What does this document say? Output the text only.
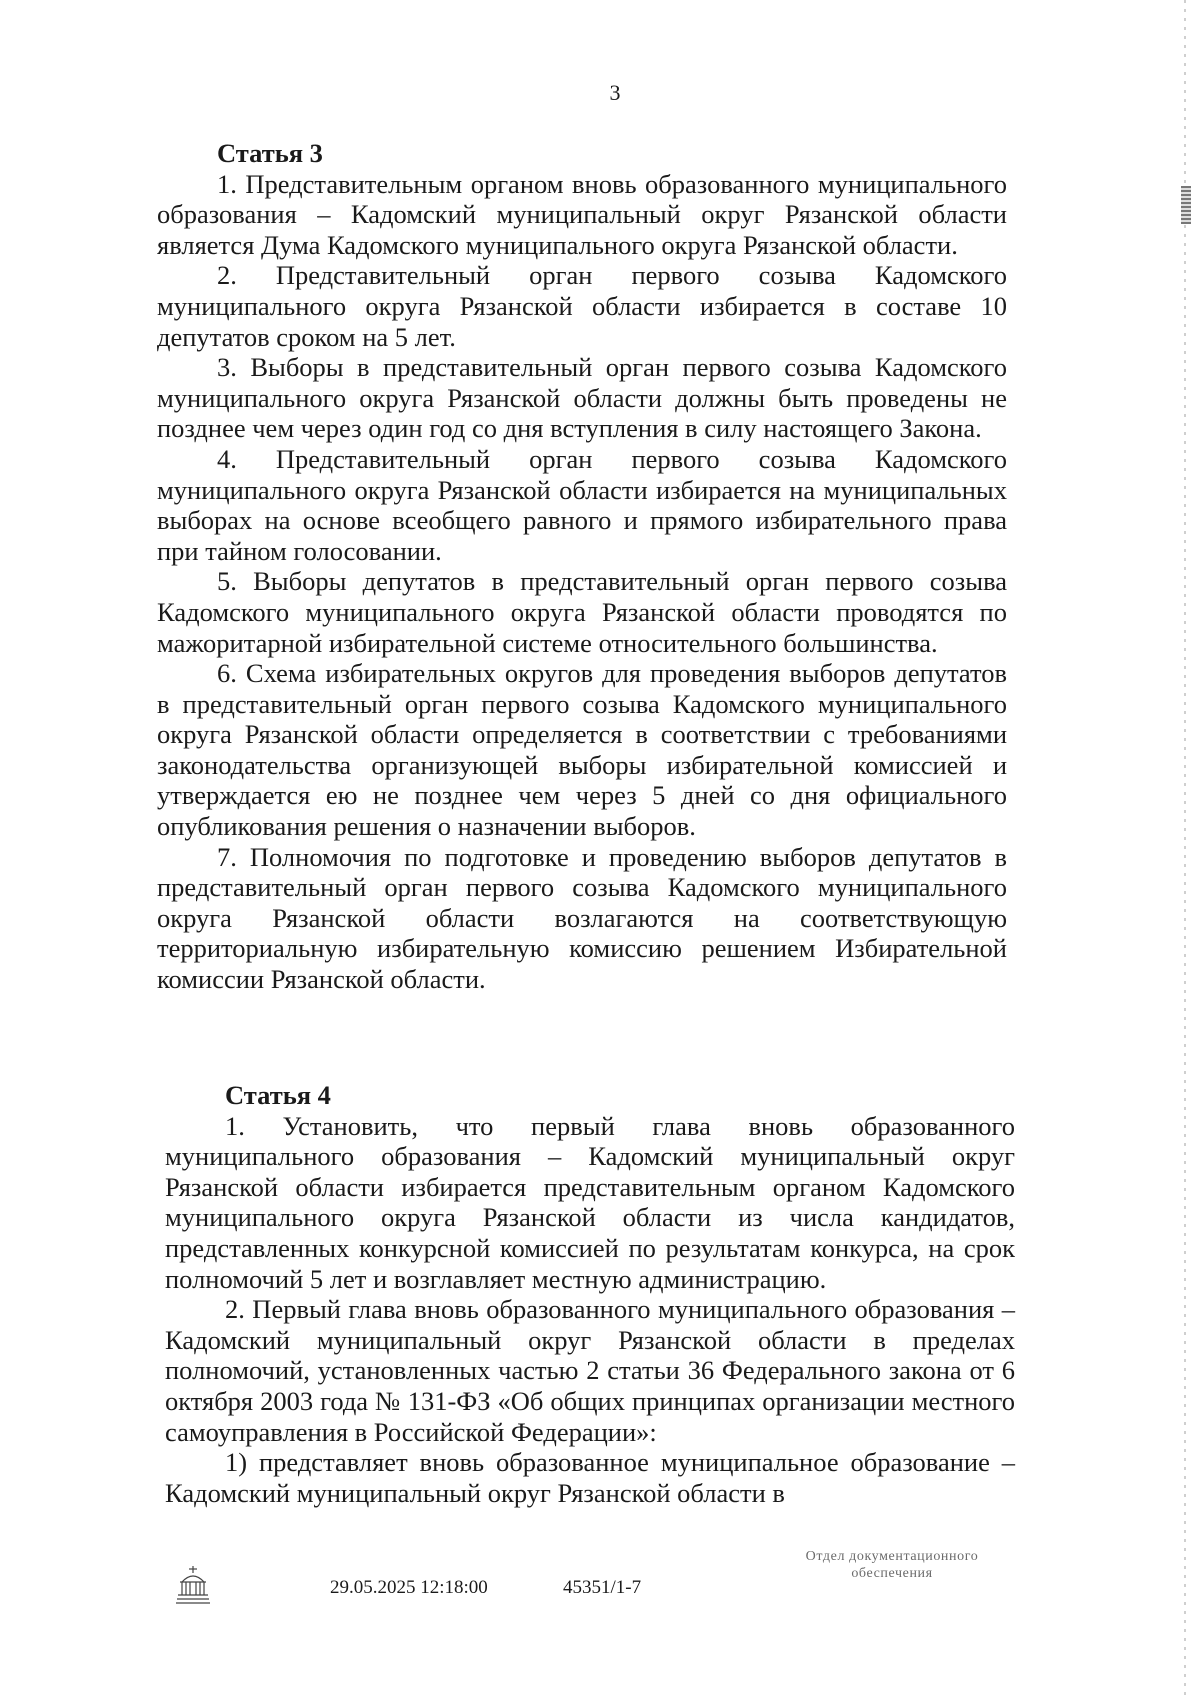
3

Статья 3

1. Представительным органом вновь образованного муниципального образования – Кадомский муниципальный округ Рязанской области является Дума Кадомского муниципального округа Рязанской области.

2. Представительный орган первого созыва Кадомского муниципального округа Рязанской области избирается в составе 10 депутатов сроком на 5 лет.

3. Выборы в представительный орган первого созыва Кадомского муниципального округа Рязанской области должны быть проведены не позднее чем через один год со дня вступления в силу настоящего Закона.

4. Представительный орган первого созыва Кадомского муниципального округа Рязанской области избирается на муниципальных выборах на основе всеобщего равного и прямого избирательного права при тайном голосовании.

5. Выборы депутатов в представительный орган первого созыва Кадомского муниципального округа Рязанской области проводятся по мажоритарной избирательной системе относительного большинства.

6. Схема избирательных округов для проведения выборов депутатов в представительный орган первого созыва Кадомского муниципального округа Рязанской области определяется в соответствии с требованиями законодательства организующей выборы избирательной комиссией и утверждается ею не позднее чем через 5 дней со дня официального опубликования решения о назначении выборов.

7. Полномочия по подготовке и проведению выборов депутатов в представительный орган первого созыва Кадомского муниципального округа Рязанской области возлагаются на соответствующую территориальную избирательную комиссию решением Избирательной комиссии Рязанской области.

Статья 4

1. Установить, что первый глава вновь образованного муниципального образования – Кадомский муниципальный округ Рязанской области избирается представительным органом Кадомского муниципального округа Рязанской области из числа кандидатов, представленных конкурсной комиссией по результатам конкурса, на срок полномочий 5 лет и возглавляет местную администрацию.

2. Первый глава вновь образованного муниципального образования – Кадомский муниципальный округ Рязанской области в пределах полномочий, установленных частью 2 статьи 36 Федерального закона от 6 октября 2003 года № 131-ФЗ «Об общих принципах организации местного самоуправления в Российской Федерации»:

1) представляет вновь образованное муниципальное образование – Кадомский муниципальный округ Рязанской области в

29.05.2025 12:18:00	45351/1-7
Отдел документационного
обеспечения
